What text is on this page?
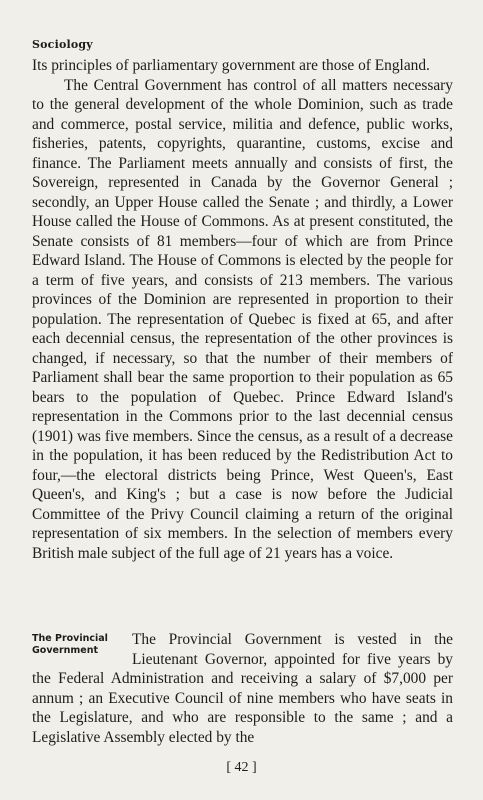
Sociology

Its principles of parliamentary government are those of England.

The Central Government has control of all matters necessary to the general development of the whole Dominion, such as trade and commerce, postal service, militia and defence, public works, fisheries, patents, copyrights, quarantine, customs, excise and finance. The Parliament meets annually and consists of first, the Sovereign, represented in Canada by the Governor General ; secondly, an Upper House called the Senate ; and thirdly, a Lower House called the House of Commons. As at present constituted, the Senate consists of 81 members—four of which are from Prince Edward Island. The House of Commons is elected by the people for a term of five years, and consists of 213 members. The various provinces of the Dominion are represented in proportion to their population. The representation of Quebec is fixed at 65, and after each decennial census, the representation of the other provinces is changed, if necessary, so that the number of their members of Parliament shall bear the same proportion to their population as 65 bears to the population of Quebec. Prince Edward Island's representation in the Commons prior to the last decennial census (1901) was five members. Since the census, as a result of a decrease in the population, it has been reduced by the Redistribution Act to four,—the electoral districts being Prince, West Queen's, East Queen's, and King's ; but a case is now before the Judicial Committee of the Privy Council claiming a return of the original representation of six members. In the selection of members every British male subject of the full age of 21 years has a voice.

The Provincial
Government

The Provincial Government is vested in the Lieutenant Governor, appointed for five years by the Federal Administration and receiving a salary of $7,000 per annum ; an Executive Council of nine members who have seats in the Legislature, and who are responsible to the same ; and a Legislative Assembly elected by the

[ 42 ]
